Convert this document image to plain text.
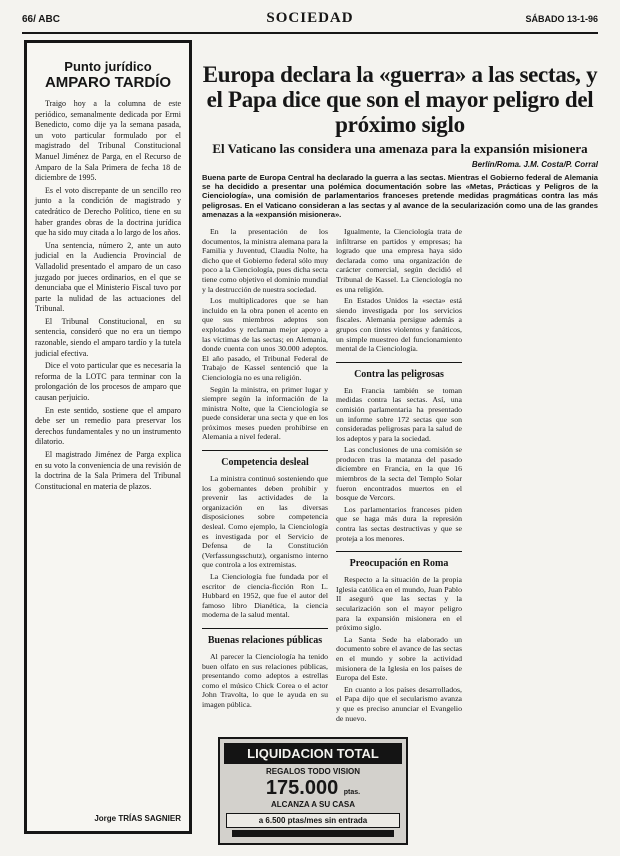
66/ ABC	SOCIEDAD	SÁBADO 13-1-96
Punto jurídico
AMPARO TARDÍO

Traigo hoy a la columna de este periódico, semanalmente dedicada por Ermi Benedicto, como dije ya la semana pasada, un voto particular formulado por el magistrado del Tribunal Constitucional Manuel Jiménez de Parga, en el Recurso de Amparo de la Sala Primera de fecha 18 de diciembre de 1995.

Es el voto discrepante de un sencillo reo junto a la condición de magistrado y catedrático de Derecho Político, tiene en su haber grandes obras de la doctrina jurídica que ha sido muy citada a lo largo de los años.

Una sentencia, número 2, ante un auto judicial en la Audiencia Provincial de Valladolid presentado el amparo de un caso juzgado por jueces ordinarios, en el que se denunciaba que el Ministerio Fiscal tuvo por parte la nulidad de las actuaciones del Tribunal.

El Tribunal Constitucional, en su sentencia, consideró que no era un tiempo razonable, siendo el amparo tardío y la tutela judicial efectiva.

Dice el voto particular que es necesaria la reforma de la LOTC para terminar con la prolongación de los procesos de amparo que causan perjuicio.

En este sentido, sostiene que el amparo debe ser un remedio para preservar los derechos fundamentales y no un instrumento dilatorio.

El magistrado Jiménez de Parga explica en su voto la conveniencia de una revisión de la doctrina de la Sala Primera del Tribunal Constitucional en materia de plazos.

Jorge TRÍAS SAGNIER
Europa declara la «guerra» a las sectas, y el Papa dice que son el mayor peligro del próximo siglo
El Vaticano las considera una amenaza para la expansión misionera
Berlín/Roma. J.M. Costa/P. Corral
Buena parte de Europa Central ha declarado la guerra a las sectas. Mientras el Gobierno federal de Alemania se ha decidido a presentar una polémica documentación sobre las «Metas, Prácticas y Peligros de la Cienciología», una comisión de parlamentarios franceses pretende medidas pragmáticas contra las más peligrosas. En el Vaticano consideran a las sectas y al avance de la secularización como una de las grandes amenazas a la «expansión misionera».

En la presentación de los documentos, la ministra alemana para la Familia y Juventud, Claudia Nolte, ha dicho que el Gobierno federal sólo muy poco a la Cienciología, pues dicha secta tiene como objetivo el dominio mundial y la destrucción de nuestra sociedad.

Los multiplicadores que se han incluido en la obra ponen el acento en que sus miembros adeptos son explotados y reclaman mejor apoyo a las víctimas de las sectas; en Alemania, donde cuenta con unos 30.000 adeptos. El año pasado, el Tribunal Federal de Trabajo de Kassel sentenció que la Cienciología no es una religión.

Según la ministra, en primer lugar y siempre según la información de la ministra Nolte, que la Cienciología se puede considerar una secta y que en los próximos meses pueden prohibirse en Alemania a nivel federal.

Competencia desleal

La ministra continuó sosteniendo que los gobernantes deben prohibir y prevenir las actividades de la organización en las diversas disposiciones sobre competencia desleal. Como ejemplo, la Cienciología es investigada por el Servicio de Defensa de la Constitución (Verfassungsschutz), organismo interno que controla a los extremistas.

La Cienciología fue fundada por el escritor de ciencia-ficción Ron L. Hubbard en 1952, que fue el autor del famoso libro Dianética, la ciencia moderna de la salud mental.

Buenas relaciones públicas

Al parecer la Cienciología ha tenido buen olfato en sus relaciones públicas, presentando como adeptos a estrellas como el músico Chick Corea o el actor John Travolta, lo que le ayuda en su imagen pública.

Igualmente, la Cienciología trata de infiltrarse en partidos y empresas; ha logrado que una empresa haya sido declarada como una organización de carácter comercial, según decidió el Tribunal de Kassel. La Cienciología no es una religión.

En Estados Unidos la «secta» está siendo investigada por los servicios fiscales. Alemania persigue además a grupos con tintes violentos y fanáticos, un simple muestreo del funcionamiento mental de la Cienciología.

Contra las peligrosas

En Francia también se toman medidas contra las sectas. Así, una comisión parlamentaria ha presentado un informe sobre 172 sectas que son consideradas peligrosas para la salud de los adeptos y para la sociedad.

Las conclusiones de una comisión se producen tras la matanza del pasado diciembre en Francia, en la que 16 miembros de la secta del Templo Solar fueron encontrados muertos en el bosque de Vercors.

Los parlamentarios franceses piden que se haga más dura la represión contra las sectas destructivas y que se proteja a los menores.

Preocupación en Roma

Respecto a la situación de la propia Iglesia católica en el mundo, Juan Pablo II aseguró que las sectas y la secularización son el mayor peligro para la expansión misionera en el próximo siglo.

La Santa Sede ha elaborado un documento sobre el avance de las sectas en el mundo y sobre la actividad misionera de la Iglesia en los países de Europa del Este.

En cuanto a los países desarrollados, el Papa dijo que el secularismo avanza y que es preciso anunciar el Evangelio de nuevo.

LIQUIDACION TOTAL
REGALOS TODO VISION
175.000 ptas.
ALCANZA A SU CASA
a 6.500 ptas/mes sin entrada
